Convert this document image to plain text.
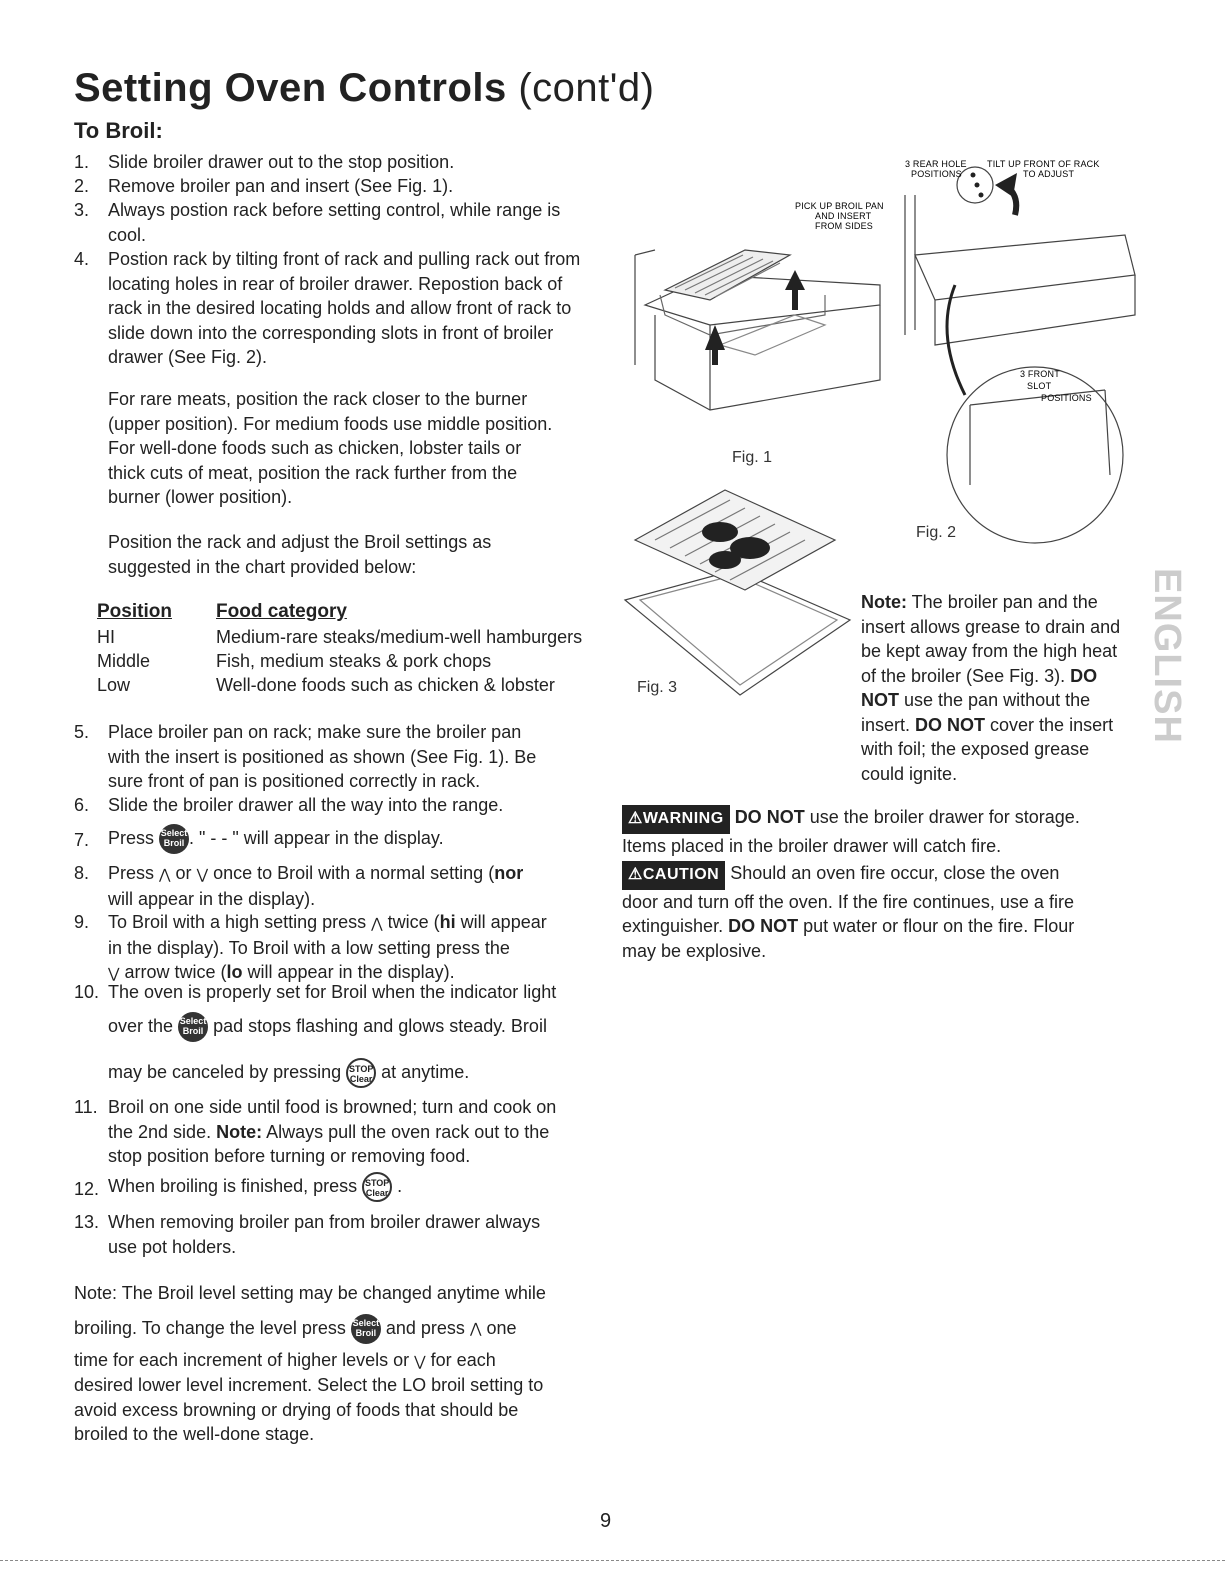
Setting Oven Controls (cont'd)
To Broil:
1. Slide broiler drawer out to the stop position.
2. Remove broiler pan and insert (See Fig. 1).
3. Always postion rack before setting control, while range is
cool.
4. Postion rack by tilting front of rack and pulling rack out from
locating holes in rear of broiler drawer. Repostion back of
rack in the desired locating holds and allow front of rack to
slide down into the corresponding slots in front of broiler
drawer (See Fig. 2).
For rare meats, position the rack closer to the burner
(upper position). For medium foods use middle position.
For well-done foods such as chicken, lobster tails or
thick cuts of meat, position the rack further from the
burner (lower position).
Position the rack and adjust the Broil settings as
suggested in the chart provided below:
Position Food category
HI	Medium-rare steaks/medium-well hamburgers
Middle	Fish, medium steaks & pork chops
Low	Well-done foods such as chicken & lobster
5. Place broiler pan on rack; make sure the broiler pan
with the insert is positioned as shown (See Fig. 1). Be
sure front of pan is positioned correctly in rack.
6. Slide the broiler drawer all the way into the range.
7. Press Select
Broil . " - - " will appear in the display.
8. Press ⋀ or ⋁ once to Broil with a normal setting (nor
will appear in the display).
9. To Broil with a high setting press ⋀ twice (hi will appear
in the display). To Broil with a low setting press the
⋁ arrow twice (lo will appear in the display).
10. The oven is properly set for Broil when the indicator light
over the Select
Broil pad stops flashing and glows steady. Broil
may be canceled by pressing STOP
Clear at anytime.
11. Broil on one side until food is browned; turn and cook on
the 2nd side. Note: Always pull the oven rack out to the
stop position before turning or removing food.
12. When broiling is finished, press STOP
Clear .
13. When removing broiler pan from broiler drawer always
use pot holders.
Note: The Broil level setting may be changed anytime while
broiling. To change the level press Select
Broil and press ⋀ one
time for each increment of higher levels or ⋁ for each
desired lower level increment. Select the LO broil setting to
avoid excess browning or drying of foods that should be
broiled to the well-done stage.
PICK UP BROIL PAN
AND INSERT
FROM SIDES
Fig. 1
3 REAR HOLE
POSITIONS
TILT UP FRONT OF RACK
TO ADJUST
3 FRONT
SLOT
POSITIONS
Fig. 2
Fig. 3
Note: The broiler pan and the
insert allows grease to drain and
be kept away from the high heat
of the broiler (See Fig. 3). DO
NOT use the pan without the
insert. DO NOT cover the insert
with foil; the exposed grease
could ignite.
⚠WARNING DO NOT use the broiler drawer for storage.
Items placed in the broiler drawer will catch fire.
⚠CAUTION Should an oven fire occur, close the oven
door and turn off the oven. If the fire continues, use a fire
extinguisher. DO NOT put water or flour on the fire. Flour
may be explosive.
ENGLISH
9
